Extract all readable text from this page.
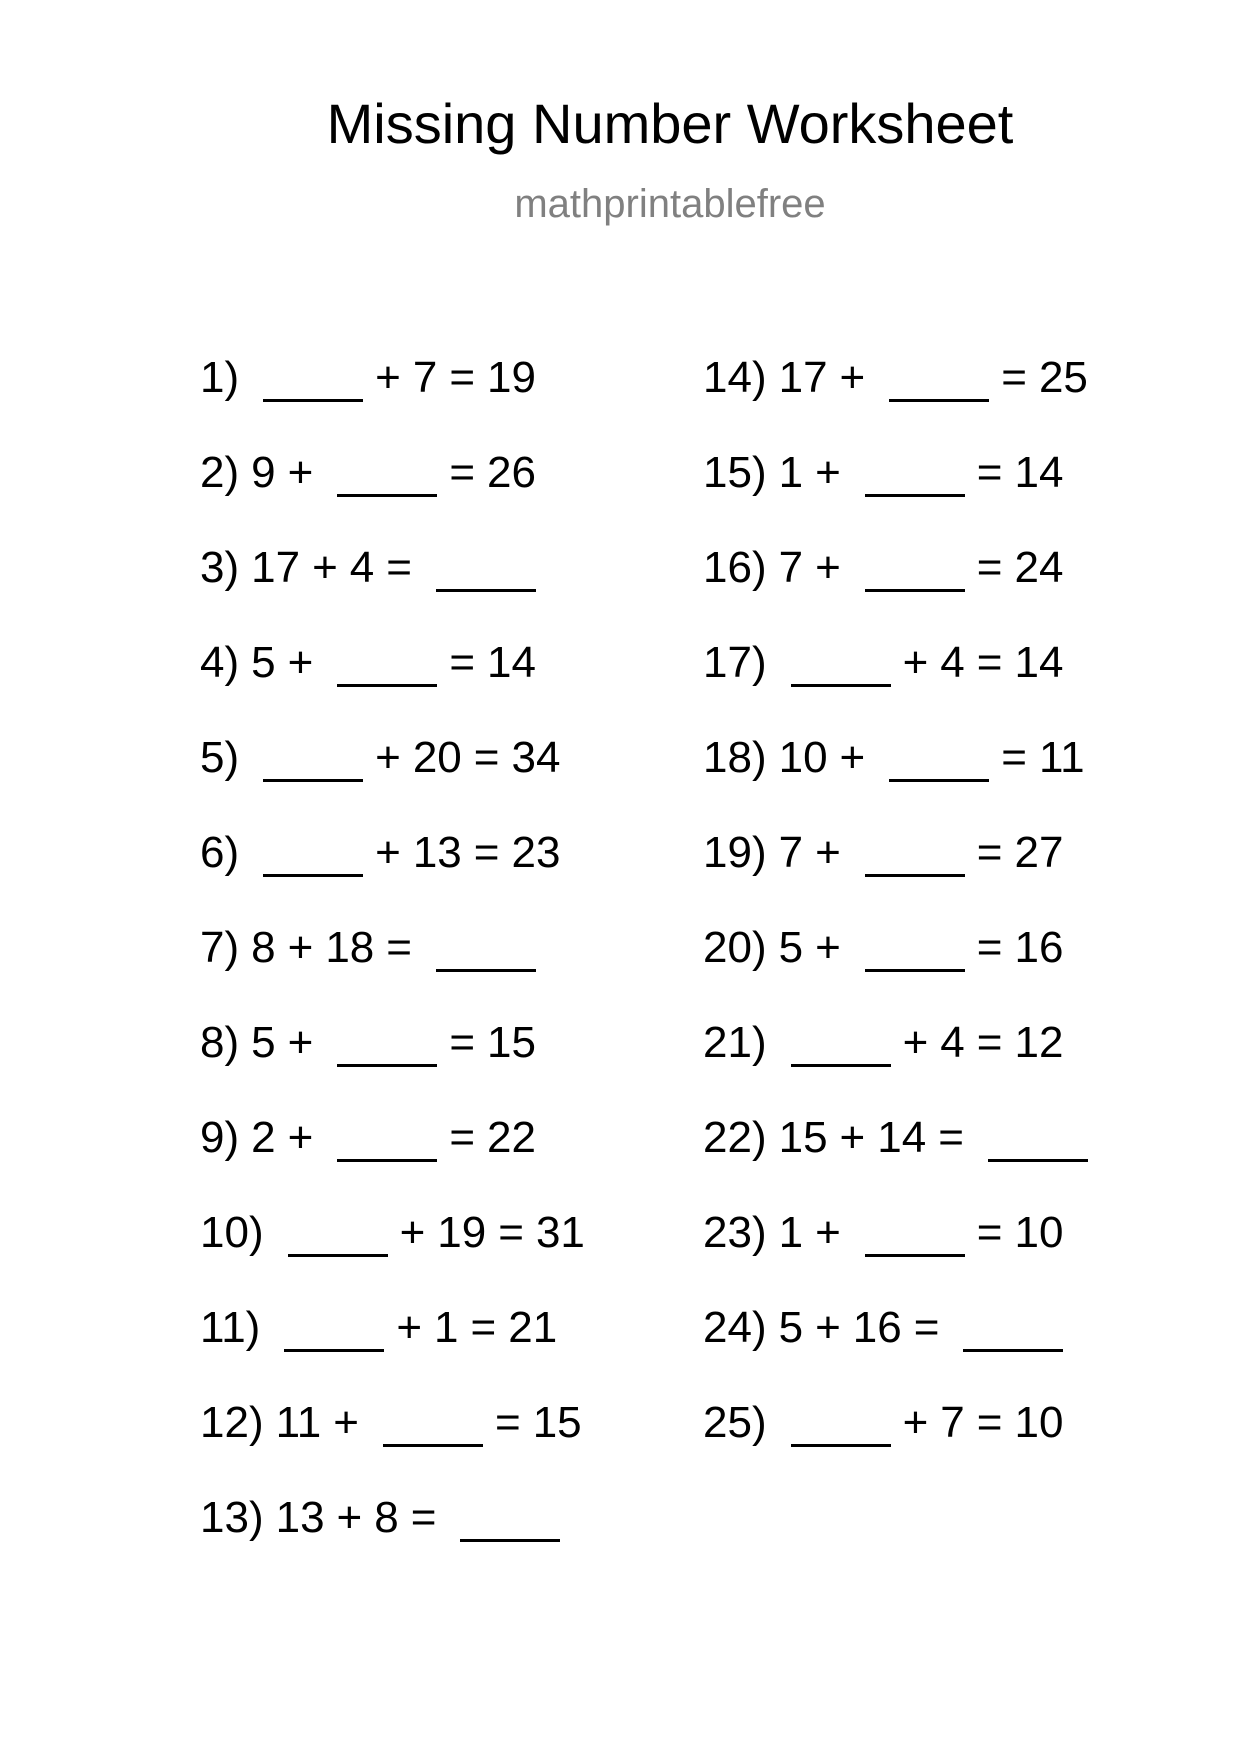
Missing Number Worksheet
mathprintablefree
1)	+ 7 = 19
2) 9 +	= 26
3) 17 + 4 =
4) 5 +	= 14
5)	+ 20 = 34
6)	+ 13 = 23
7) 8 + 18 =
8) 5 +	= 15
9) 2 +	= 22
10)	+ 19 = 31
11)	+ 1 = 21
12) 11 +	= 15
13) 13 + 8 =
14) 17 +	= 25
15) 1 +	= 14
16) 7 +	= 24
17)	+ 4 = 14
18) 10 +	= 11
19) 7 +	= 27
20) 5 +	= 16
21)	+ 4 = 12
22) 15 + 14 =
23) 1 +	= 10
24) 5 + 16 =
25)	+ 7 = 10
